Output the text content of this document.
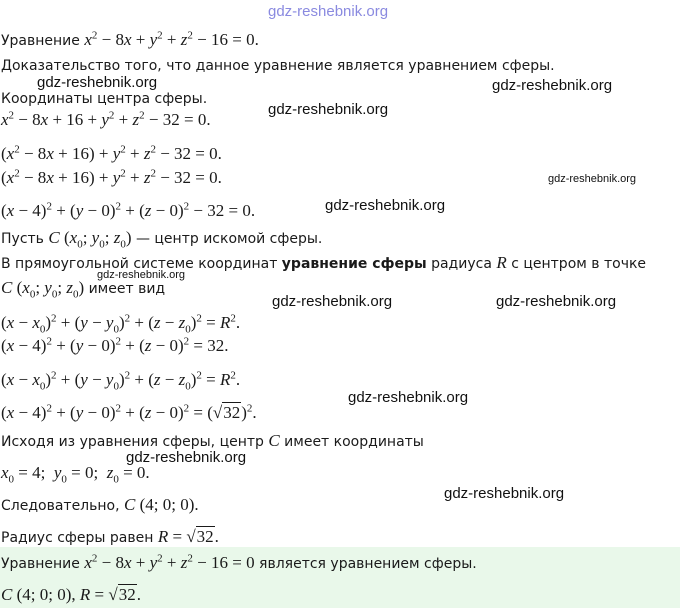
gdz-reshebnik.org
gdz-reshebnik.org	gdz-reshebnik.org
gdz-reshebnik.org
gdz-reshebnik.org
gdz-reshebnik.org
gdz-reshebnik.org
gdz-reshebnik.org	gdz-reshebnik.org
gdz-reshebnik.org
gdz-reshebnik.org
gdz-reshebnik.org
Уравнение $x^2 - 8x + y^2 + z^2 - 16 = 0$.
Доказательство того, что данное уравнение является уравнением сферы.
Координаты центра сферы.
$x^2 - 8x + 16 + y^2 + z^2 - 32 = 0$.
$(x^2 - 8x + 16) + y^2 + z^2 - 32 = 0$.
$(x^2 - 8x + 16) + y^2 + z^2 - 32 = 0$.
$(x - 4)^2 + (y - 0)^2 + (z - 0)^2 - 32 = 0$.
Пусть C ($x_0$; $y_0$; $z_0$) — центр искомой сферы.
В прямоугольной системе координат уравнение сферы радиуса R с центром в точке
C ($x_0$; $y_0$; $z_0$) имеет вид
$(x - x_0)^2 + (y - y_0)^2 + (z - z_0)^2 = R^2$.
$(x - 4)^2 + (y - 0)^2 + (z - 0)^2 = 32$.
$(x - x_0)^2 + (y - y_0)^2 + (z - z_0)^2 = R^2$.
$(x - 4)^2 + (y - 0)^2 + (z - 0)^2 = (√32)^2$.
Исходя из уравнения сферы, центр C имеет координаты
$x_0 = 4$;  $y_0 = 0$;  $z_0 = 0$.
Следовательно, C (4; 0; 0).
Радиус сферы равен R = √32.
Уравнение $x^2 - 8x + y^2 + z^2 - 16 = 0$ является уравнением сферы.
C (4; 0; 0), R = √32.
